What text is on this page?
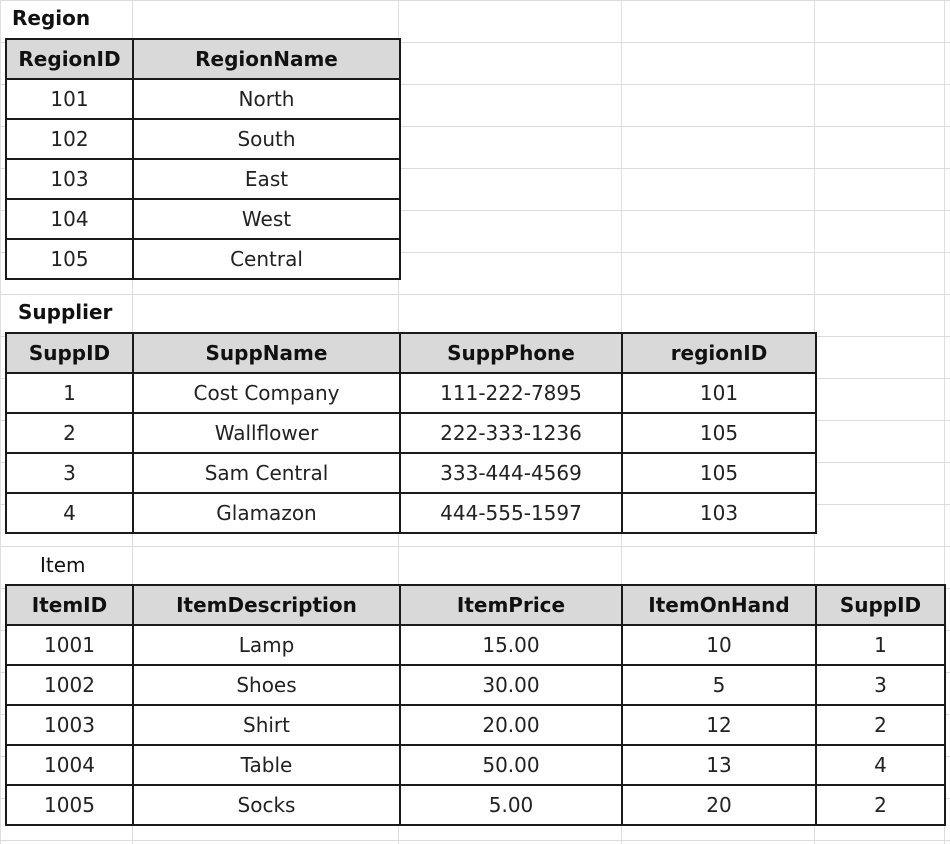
Region
RegionID	RegionName
101	North
102	South
103	East
104	West
105	Central
Supplier
SuppID	SuppName	SuppPhone	regionID
1	Cost Company	111-222-7895	101
2	Wallflower	222-333-1236	105
3	Sam Central	333-444-4569	105
4	Glamazon	444-555-1597	103
Item
ItemID	ItemDescription	ItemPrice	ItemOnHand	SuppID
1001	Lamp	15.00	10	1
1002	Shoes	30.00	5	3
1003	Shirt	20.00	12	2
1004	Table	50.00	13	4
1005	Socks	5.00	20	2
